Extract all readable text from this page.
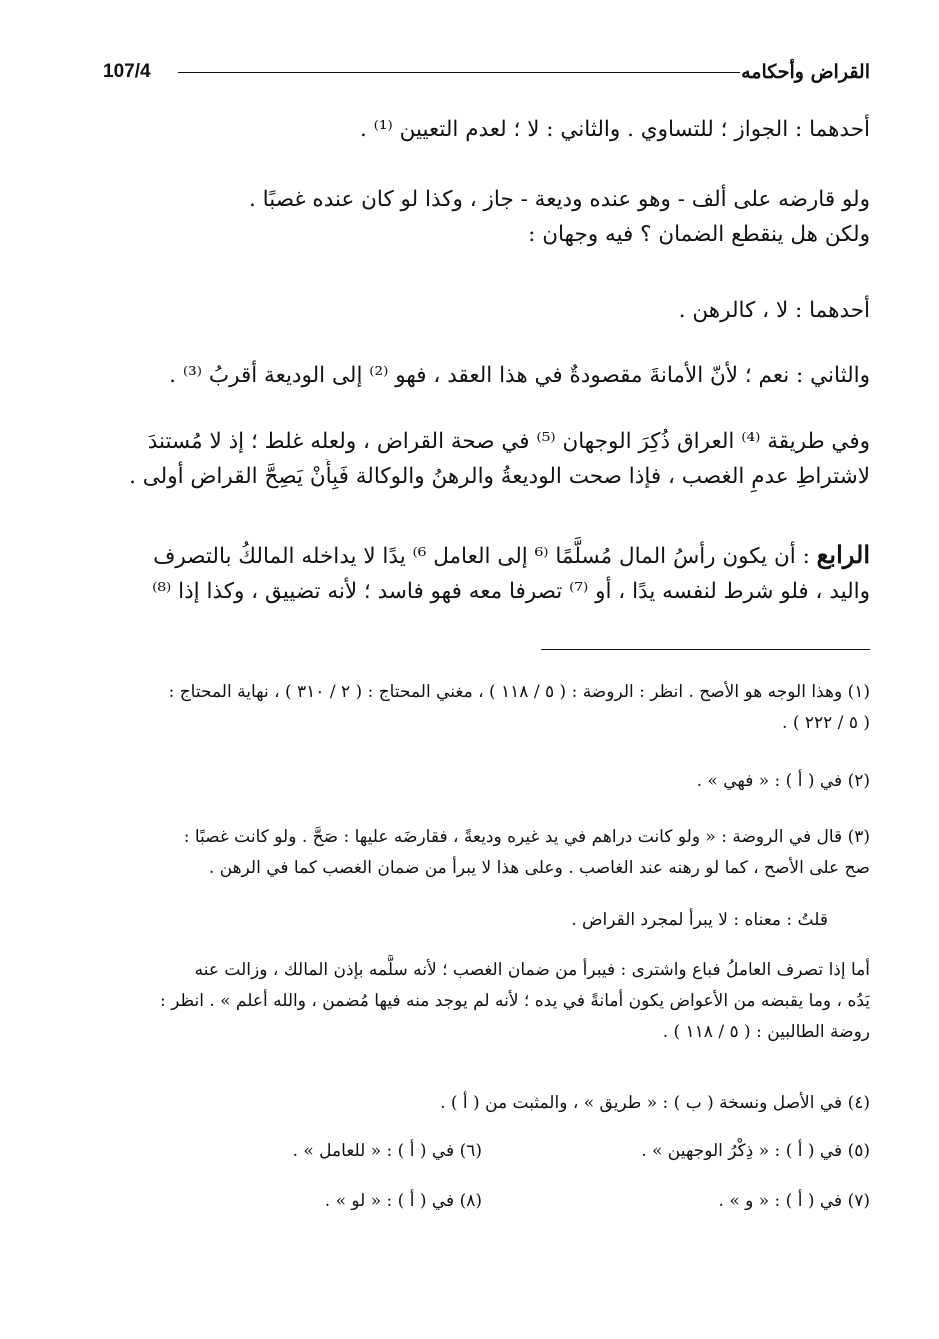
القراض وأحكامه
107/4
أحدهما : الجواز ؛ للتساوي . والثاني : لا ؛ لعدم التعيين ⁽¹⁾ .
ولو قارضه على ألف - وهو عنده وديعة - جاز ، وكذا لو كان عنده غصبًا .
ولكن هل ينقطع الضمان ؟ فيه وجهان :
أحدهما : لا ، كالرهن .
والثاني : نعم ؛ لأنّ الأمانةَ مقصودةٌ في هذا العقد ، فهو ⁽²⁾ إلى الوديعة أقربُ ⁽³⁾ .
وفي طريقة ⁽⁴⁾ العراق ذُكِرَ الوجهان ⁽⁵⁾ في صحة القراض ، ولعله غلط ؛ إذ لا مُستندَ
لاشتراطِ عدمِ الغصب ، فإذا صحت الوديعةُ والرهنُ والوكالة فَبِأَنْ يَصِحَّ القراض أولى .
الرابع : أن يكون رأسُ المال مُسلَّمًا ⁽⁶ إلى العامل ⁶⁾ يدًا لا يداخله المالكُ بالتصرف
واليد ، فلو شرط لنفسه يدًا ، أو ⁽⁷⁾ تصرفا معه فهو فاسد ؛ لأنه تضييق ، وكذا إذا ⁽⁸⁾
(١) وهذا الوجه هو الأصح . انظر : الروضة : ( ٥ / ١١٨ ) ، مغني المحتاج : ( ٢ / ٣١٠ ) ، نهاية المحتاج :
( ٥ / ٢٢٢ ) .
(٢) في ( أ ) : « فهي » .
(٣) قال في الروضة : « ولو كانت دراهم في يد غيره وديعةً ، فقارضَه عليها : صَحَّ . ولو كانت غصبًا :
صح على الأصح ، كما لو رهنه عند الغاصب . وعلى هذا لا يبرأ من ضمان الغصب كما في الرهن .
قلتُ : معناه : لا يبرأ لمجرد القراض .
أما إذا تصرف العاملُ فباع واشترى : فيبرأ من ضمان الغصب ؛ لأنه سلَّمه بإذن المالك ، وزالت عنه
يَدُه ، وما يقبضه من الأعواض يكون أمانةً في يده ؛ لأنه لم يوجد منه فيها مُضمن ، والله أعلم » . انظر :
روضة الطالبين : ( ٥ / ١١٨ ) .
(٤) في الأصل ونسخة ( ب ) : « طريق » ، والمثبت من ( أ ) .
(٥) في ( أ ) : « ذِكْرُ الوجهين » .
(٦) في ( أ ) : « للعامل » .
(٧) في ( أ ) : « و » .
(٨) في ( أ ) : « لو » .
